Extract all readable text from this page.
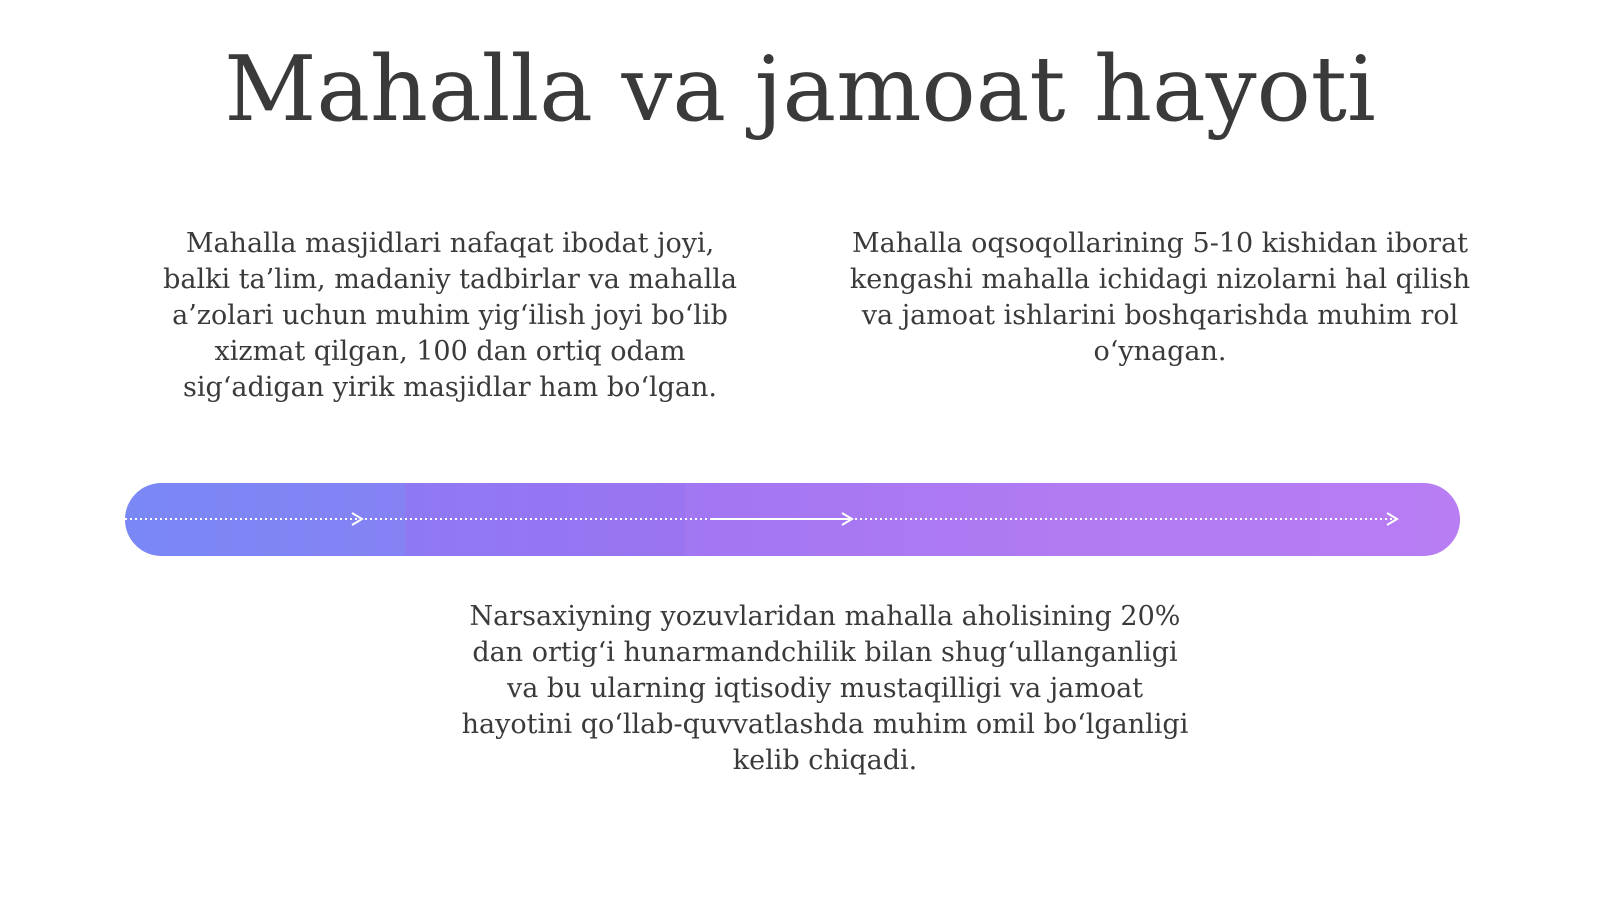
Mahalla va jamoat hayoti
Mahalla masjidlari nafaqat ibodat joyi, balki ta’lim, madaniy tadbirlar va mahalla a’zolari uchun muhim yig‘ilish joyi bo‘lib xizmat qilgan, 100 dan ortiq odam sig‘adigan yirik masjidlar ham bo‘lgan.
Mahalla oqsoqollarining 5-10 kishidan iborat kengashi mahalla ichidagi nizolarni hal qilish va jamoat ishlarini boshqarishda muhim rol o‘ynagan.
Narsaxiyning yozuvlaridan mahalla aholisining 20% dan ortig‘i hunarmandchilik bilan shug‘ullanganligi va bu ularning iqtisodiy mustaqilligi va jamoat hayotini qo‘llab-quvvatlashda muhim omil bo‘lganligi kelib chiqadi.
